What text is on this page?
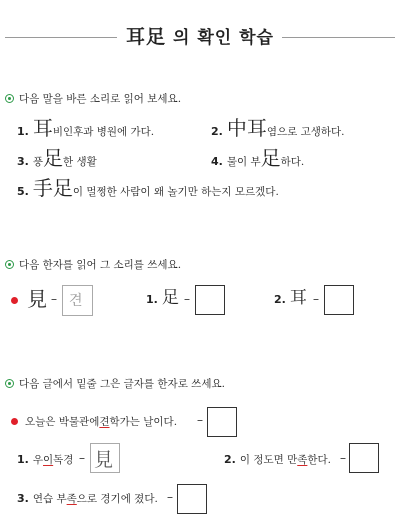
耳足 의 확인 학습
다음 말을 바른 소리로 읽어 보세요.
1. 耳 비인후과 병원에 가다.	2. 中耳 염으로 고생하다.
3. 풍 足 한 생활	4. 물이 부 足 하다.
5. 手足 이 멀쩡한 사람이 왜 놀기만 하는지 모르겠다.
다음 한자를 읽어 그 소리를 쓰세요.
見 – 견	1. 足 –	2. 耳 –
다음 글에서 밑줄 그은 글자를 한자로 쓰세요.
오늘은 박물관에 견 학가는 날이다. –
1. 우 이 독경 – 見	2. 이 정도면 만 족 한다. –
3. 연습 부 족 으로 경기에 졌다. –
